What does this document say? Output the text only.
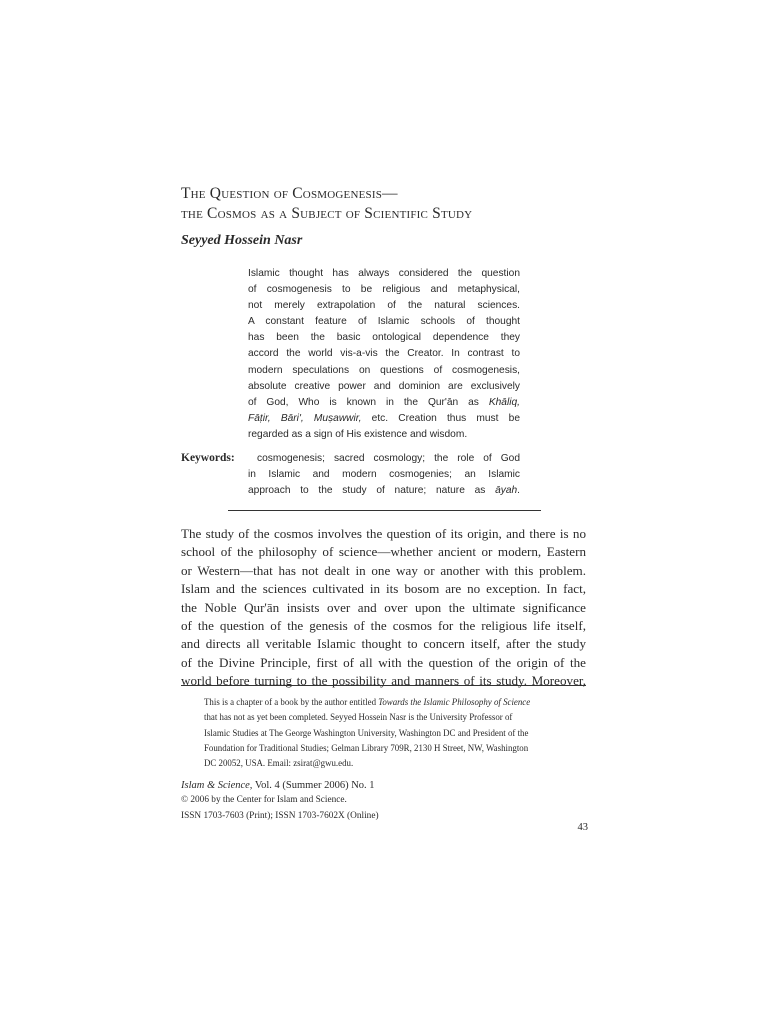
The Question of Cosmogenesis—
the Cosmos as a Subject of Scientific Study
Seyyed Hossein Nasr
Islamic thought has always considered the question
of cosmogenesis to be religious and metaphysical,
not merely extrapolation of the natural sciences.
A constant feature of Islamic schools of thought
has been the basic ontological dependence they
accord the world vis-a-vis the Creator. In contrast to
modern speculations on questions of cosmogenesis,
absolute creative power and dominion are exclusively
of God, Who is known in the Qur'ān as Khāliq,
Fāṭir, Bāri', Muṣawwir, etc. Creation thus must be
regarded as a sign of His existence and wisdom.
Keywords: cosmogenesis; sacred cosmology; the role of God
in Islamic and modern cosmogenies; an Islamic
approach to the study of nature; nature as āyah.
The study of the cosmos involves the question of its origin, and there is no
school of the philosophy of science—whether ancient or modern, Eastern
or Western—that has not dealt in one way or another with this problem.
Islam and the sciences cultivated in its bosom are no exception. In fact,
the Noble Qur'ān insists over and over upon the ultimate significance
of the question of the genesis of the cosmos for the religious life itself,
and directs all veritable Islamic thought to concern itself, after the study
of the Divine Principle, first of all with the question of the origin of the
world before turning to the possibility and manners of its study. Moreover,
This is a chapter of a book by the author entitled Towards the Islamic Philosophy of Science
that has not as yet been completed. Seyyed Hossein Nasr is the University Professor of
Islamic Studies at The George Washington University, Washington DC and President of the
Foundation for Traditional Studies; Gelman Library 709R, 2130 H Street, NW, Washington
DC 20052, USA. Email: zsirat@gwu.edu.
Islam & Science, Vol. 4 (Summer 2006) No. 1
© 2006 by the Center for Islam and Science.
ISSN 1703-7603 (Print); ISSN 1703-7602X (Online)
43
